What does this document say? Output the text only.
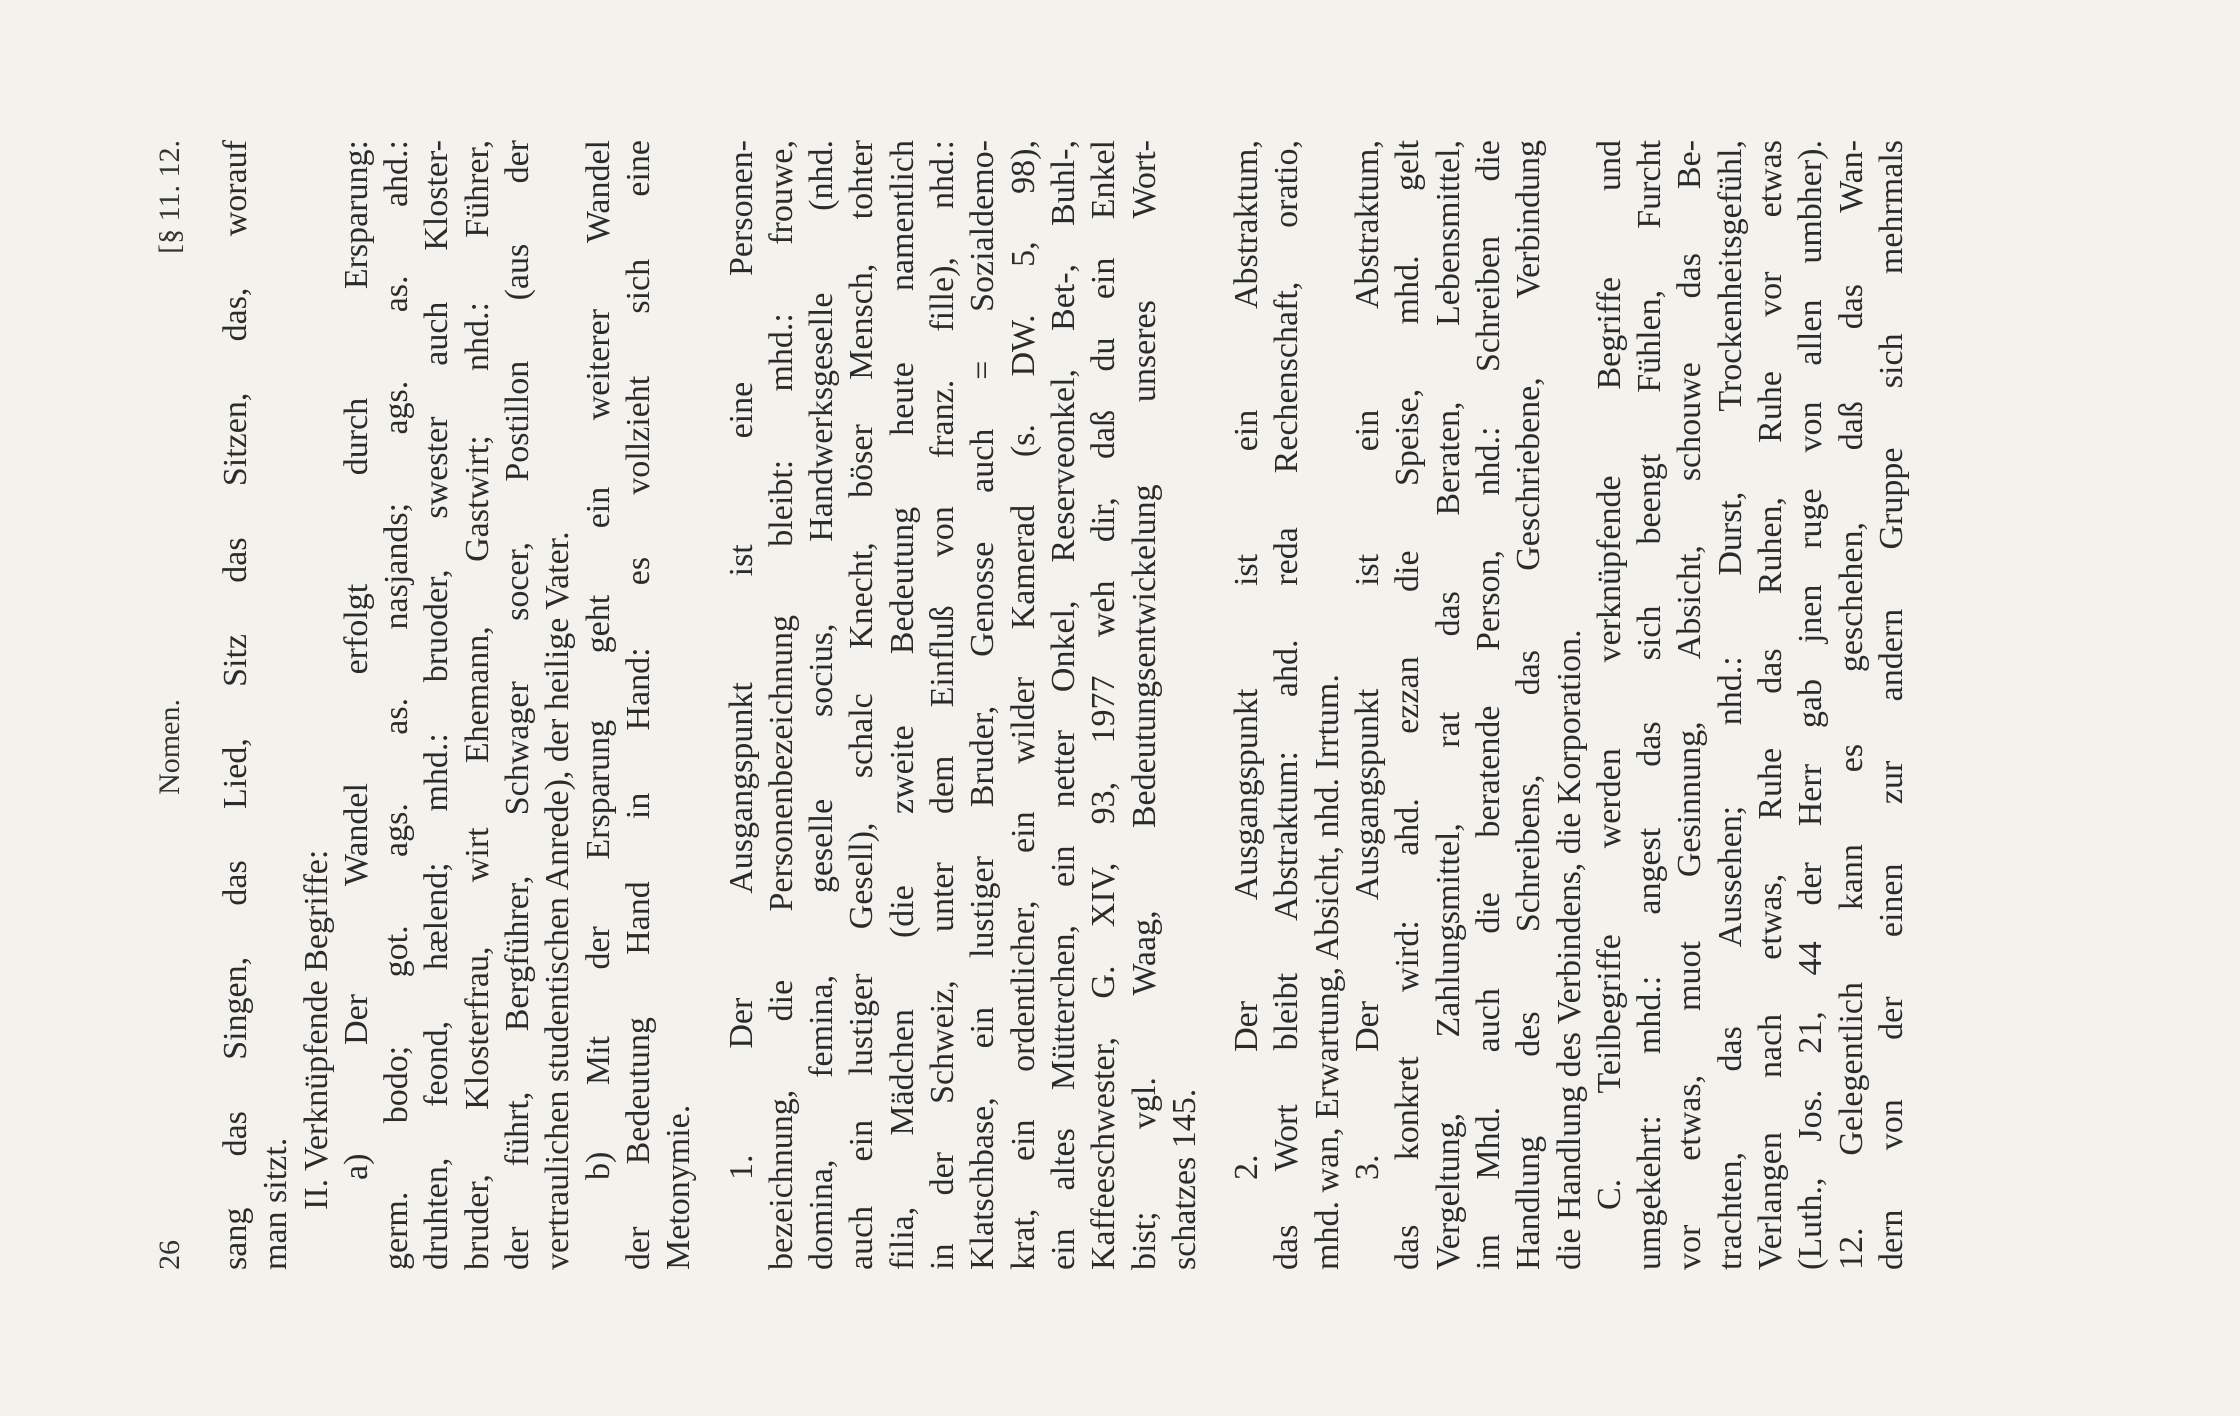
26
Nomen.
[§ 11. 12. sang das Singen, das Lied, Sitz das Sitzen, das, worauf man sitzt. II. Verknüpfende Begriffe: a) Der Wandel erfolgt durch Ersparung: germ. bodo; got. ags. as. nasjands; ags. as. ahd.: druhten, feond, hælend; mhd.: bruoder, swester auch Kloster- bruder, Klosterfrau, wirt Ehemann, Gastwirt; nhd.: Führer, der führt, Bergführer, Schwager socer, Postillon (aus der vertraulichen studentischen Anrede), der heilige Vater. b) Mit der Ersparung geht ein weiterer Wandel der Bedeutung Hand in Hand: es vollzieht sich eine Metonymie.
1. Der Ausgangspunkt ist eine Personen- bezeichnung, die Personenbezeichnung bleibt: mhd.: frouwe, domina, femina, geselle socius, Handwerksgeselle (nhd. auch ein lustiger Gesell), schalc Knecht, böser Mensch, tohter filia, Mädchen (die zweite Bedeutung heute namentlich in der Schweiz, unter dem Einfluß von franz. fille), nhd.: Klatschbase, ein lustiger Bruder, Genosse auch = Sozialdemo- krat, ein ordentlicher, ein wilder Kamerad (s. DW. 5, 98), ein altes Mütterchen, ein netter Onkel, Reserveonkel, Bet-, Buhl-, Kaffeeschwester, G. XIV, 93, 1977 weh dir, daß du ein Enkel bist; vgl. Waag, Bedeutungsentwickelung unseres Wort- schatzes 145. 2. Der Ausgangspunkt ist ein Abstraktum, das Wort bleibt Abstraktum: ahd. reda Rechenschaft, oratio, mhd. wan, Erwartung, Absicht, nhd. Irrtum. 3. Der Ausgangspunkt ist ein Abstraktum, das konkret wird: ahd. ezzan die Speise, mhd. gelt Vergeltung, Zahlungsmittel, rat das Beraten, Lebensmittel, im Mhd. auch die beratende Person, nhd.: Schreiben die Handlung des Schreibens, das Geschriebene, Verbindung die Handlung des Verbindens, die Korporation. C. Teilbegriffe werden verknüpfende Begriffe und umgekehrt: mhd.: angest das sich beengt Fühlen, Furcht vor etwas, muot Gesinnung, Absicht, schouwe das Be- trachten, das Aussehen; nhd.: Durst, Trockenheitsgefühl, Verlangen nach etwas, Ruhe das Ruhen, Ruhe vor etwas (Luth., Jos. 21, 44 der Herr gab jnen ruge von allen umbher). 12. Gelegentlich kann es geschehen, daß das Wan- dern von der einen zur andern Gruppe sich mehrmals
